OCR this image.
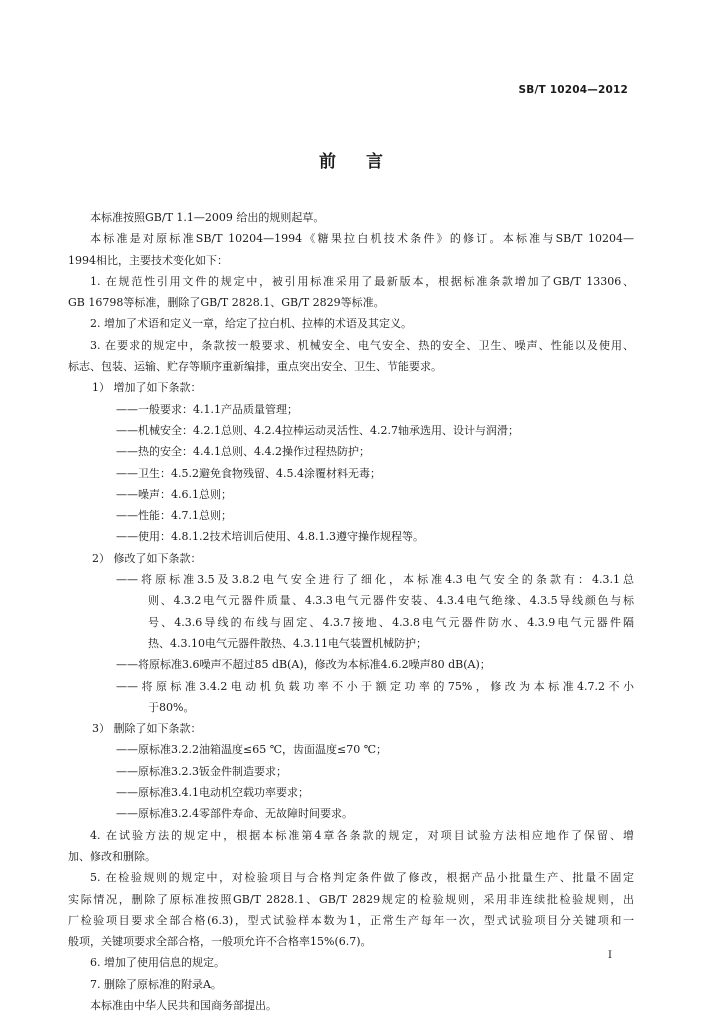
SB/T 10204—2012
前言
本标准按照GB/T 1.1—2009 给出的规则起草。
本标准是对原标准SB/T 10204—1994《糖果拉白机技术条件》的修订。本标准与SB/T 10204—
1994相比，主要技术变化如下：
1. 在规范性引用文件的规定中，被引用标准采用了最新版本，根据标准条款增加了GB/T 13306、
GB 16798等标准，删除了GB/T 2828.1、GB/T 2829等标准。
2. 增加了术语和定义一章，给定了拉白机、拉棒的术语及其定义。
3. 在要求的规定中，条款按一般要求、机械安全、电气安全、热的安全、卫生、噪声、性能以及使用、
标志、包装、运输、贮存等顺序重新编排，重点突出安全、卫生、节能要求。
1） 增加了如下条款：
——一般要求：4.1.1产品质量管理；
——机械安全：4.2.1总则、4.2.4拉棒运动灵活性、4.2.7轴承选用、设计与润滑；
——热的安全：4.4.1总则、4.4.2操作过程热防护；
——卫生：4.5.2避免食物残留、4.5.4涂覆材料无毒；
——噪声：4.6.1总则；
——性能：4.7.1总则；
——使用：4.8.1.2技术培训后使用、4.8.1.3遵守操作规程等。
2） 修改了如下条款：
——将原标准3.5及3.8.2电气安全进行了细化，本标准4.3电气安全的条款有：4.3.1总
则、4.3.2电气元器件质量、4.3.3电气元器件安装、4.3.4电气绝缘、4.3.5导线颜色与标
号、4.3.6导线的布线与固定、4.3.7接地、4.3.8电气元器件防水、4.3.9电气元器件隔
热、4.3.10电气元器件散热、4.3.11电气装置机械防护；
——将原标准3.6噪声不超过85 dB(A)，修改为本标准4.6.2噪声80 dB(A)；
——将原标准3.4.2电动机负载功率不小于额定功率的75%，修改为本标准4.7.2不小
于80%。
3） 删除了如下条款：
——原标准3.2.2油箱温度≤65 ℃，齿面温度≤70 ℃；
——原标准3.2.3钣金件制造要求；
——原标准3.4.1电动机空载功率要求；
——原标准3.2.4零部件寿命、无故障时间要求。
4. 在试验方法的规定中，根据本标准第4章各条款的规定，对项目试验方法相应地作了保留、增
加、修改和删除。
5. 在检验规则的规定中，对检验项目与合格判定条件做了修改，根据产品小批量生产、批量不固定
实际情况，删除了原标准按照GB/T 2828.1、GB/T 2829规定的检验规则，采用非连续批检验规则，出
厂检验项目要求全部合格(6.3)，型式试验样本数为1，正常生产每年一次，型式试验项目分关键项和一
般项，关键项要求全部合格，一般项允许不合格率15%(6.7)。
6. 增加了使用信息的规定。
7. 删除了原标准的附录A。
本标准由中华人民共和国商务部提出。
I
